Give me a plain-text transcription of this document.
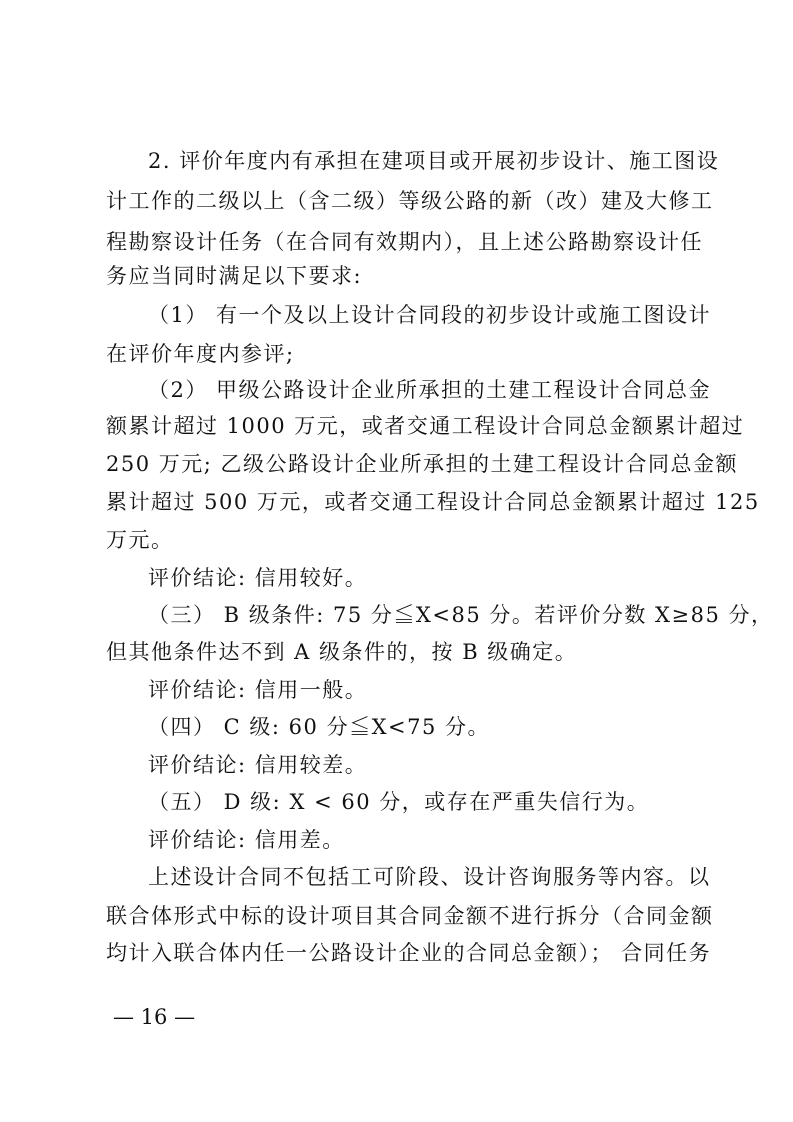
2. 评价年度内有承担在建项目或开展初步设计、施工图设
计工作的二级以上（含二级）等级公路的新（改）建及大修工
程勘察设计任务（在合同有效期内），且上述公路勘察设计任
务应当同时满足以下要求:
（1） 有一个及以上设计合同段的初步设计或施工图设计
在评价年度内参评;
（2） 甲级公路设计企业所承担的土建工程设计合同总金
额累计超过 1000 万元，或者交通工程设计合同总金额累计超过
250 万元; 乙级公路设计企业所承担的土建工程设计合同总金额
累计超过 500 万元，或者交通工程设计合同总金额累计超过 125
万元。
评价结论: 信用较好。
（三） B 级条件: 75 分≦X<85 分。若评价分数 X≥85 分，
但其他条件达不到 A 级条件的，按 B 级确定。
评价结论: 信用一般。
（四） C 级: 60 分≦X<75 分。
评价结论: 信用较差。
（五） D 级: X < 60 分，或存在严重失信行为。
评价结论: 信用差。
上述设计合同不包括工可阶段、设计咨询服务等内容。以
联合体形式中标的设计项目其合同金额不进行拆分（合同金额
均计入联合体内任一公路设计企业的合同总金额）； 合同任务
— 16 —
